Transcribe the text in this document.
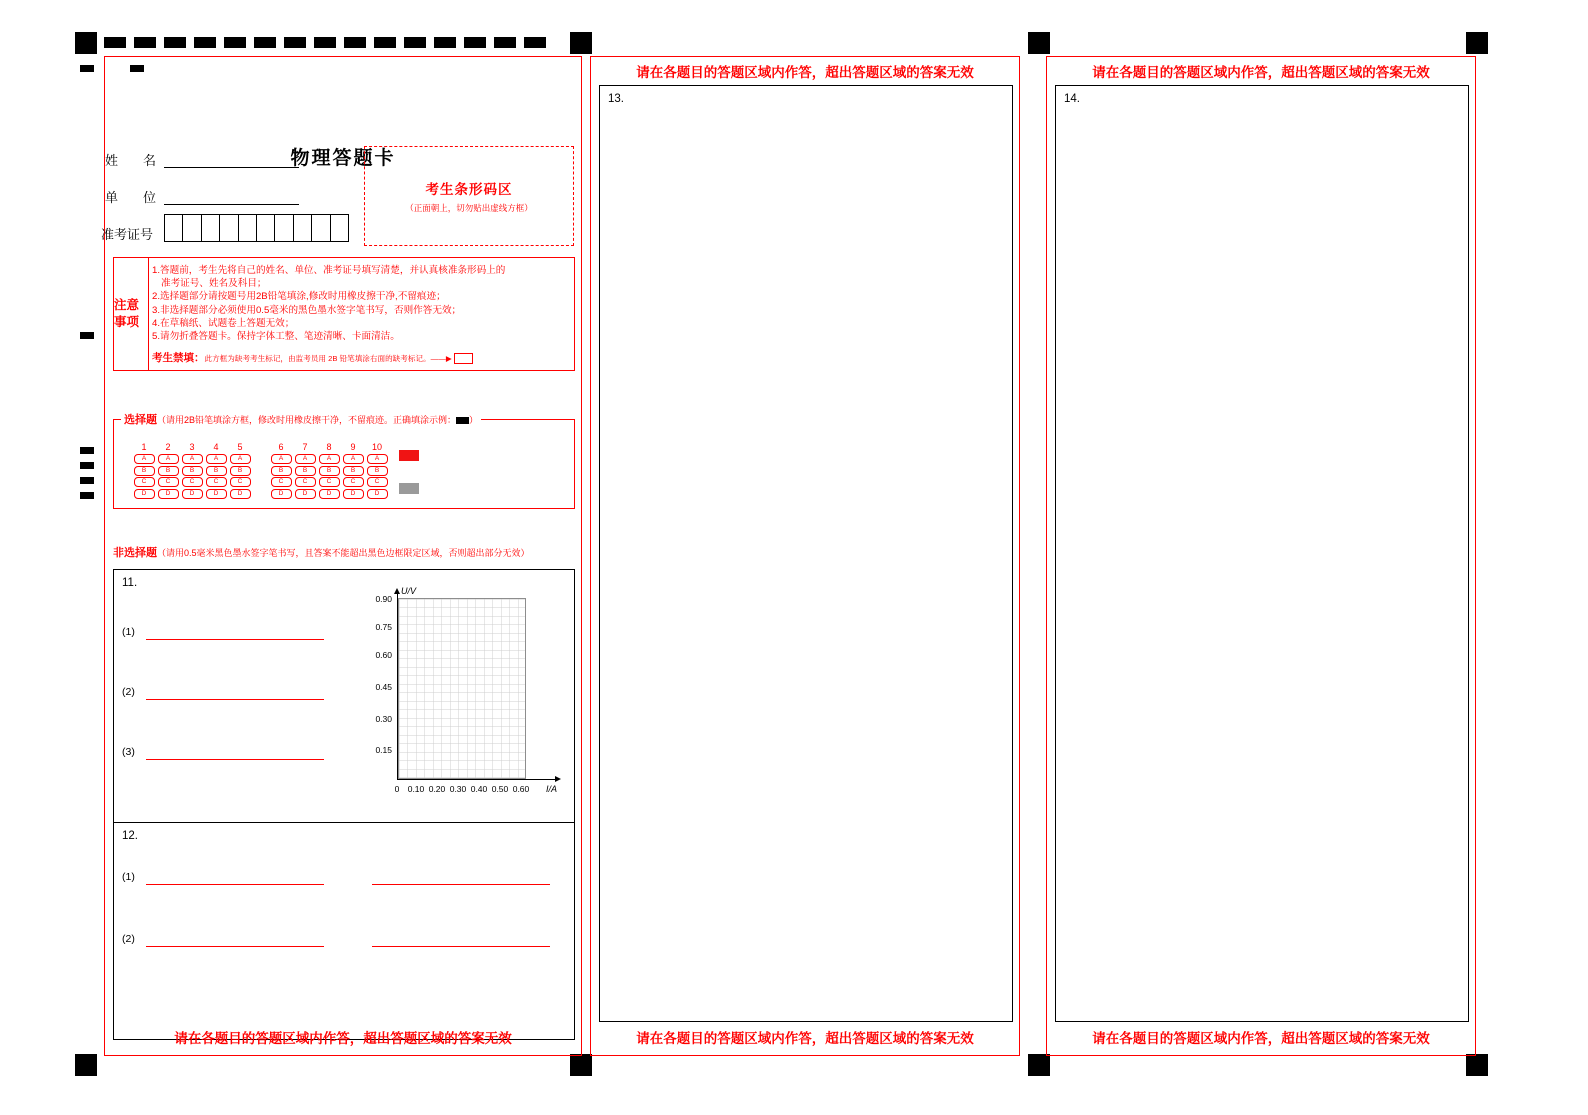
物理答题卡
姓　名
单　位
准考证号
考生条形码区
（正面朝上，切勿贴出虚线方框）
注意事项
1.答题前，考生先将自己的姓名、单位、准考证号填写清楚，并认真核准条形码上的
准考证号、姓名及科目；
2.选择题部分请按题号用2B铅笔填涂,修改时用橡皮擦干净,不留痕迹；
3.非选择题部分必须使用0.5毫米的黑色墨水签字笔书写，否则作答无效；
4.在草稿纸、试题卷上答题无效；
5.请勿折叠答题卡。保持字体工整、笔迹清晰、卡面清洁。
考生禁填：此方框为缺考考生标记，由监考员用 2B 铅笔填涂右面的缺考标记。——▶
选择题（请用2B铅笔填涂方框，修改时用橡皮擦干净，不留痕迹。正确填涂示例： ）
1	2	3	4	5
A	A	A	A	A
B	B	B	B	B
C	C	C	C	C
D	D	D	D	D
6	7	8	9	10
A	A	A	A	A
B	B	B	B	B
C	C	C	C	C
D	D	D	D	D
非选择题（请用0.5毫米黑色墨水签字笔书写，且答案不能超出黑色边框限定区域，否则超出部分无效）
11.
(1)
(2)
(3)
U/V
I/A
0.90
0.75
0.60
0.45
0.30
0.15
0 0.10 0.20 0.30 0.40 0.50 0.60
12.
(1)
(2)
请在各题目的答题区域内作答，超出答题区域的答案无效
请在各题目的答题区域内作答，超出答题区域的答案无效
13.
请在各题目的答题区域内作答，超出答题区域的答案无效
请在各题目的答题区域内作答，超出答题区域的答案无效
14.
请在各题目的答题区域内作答，超出答题区域的答案无效
